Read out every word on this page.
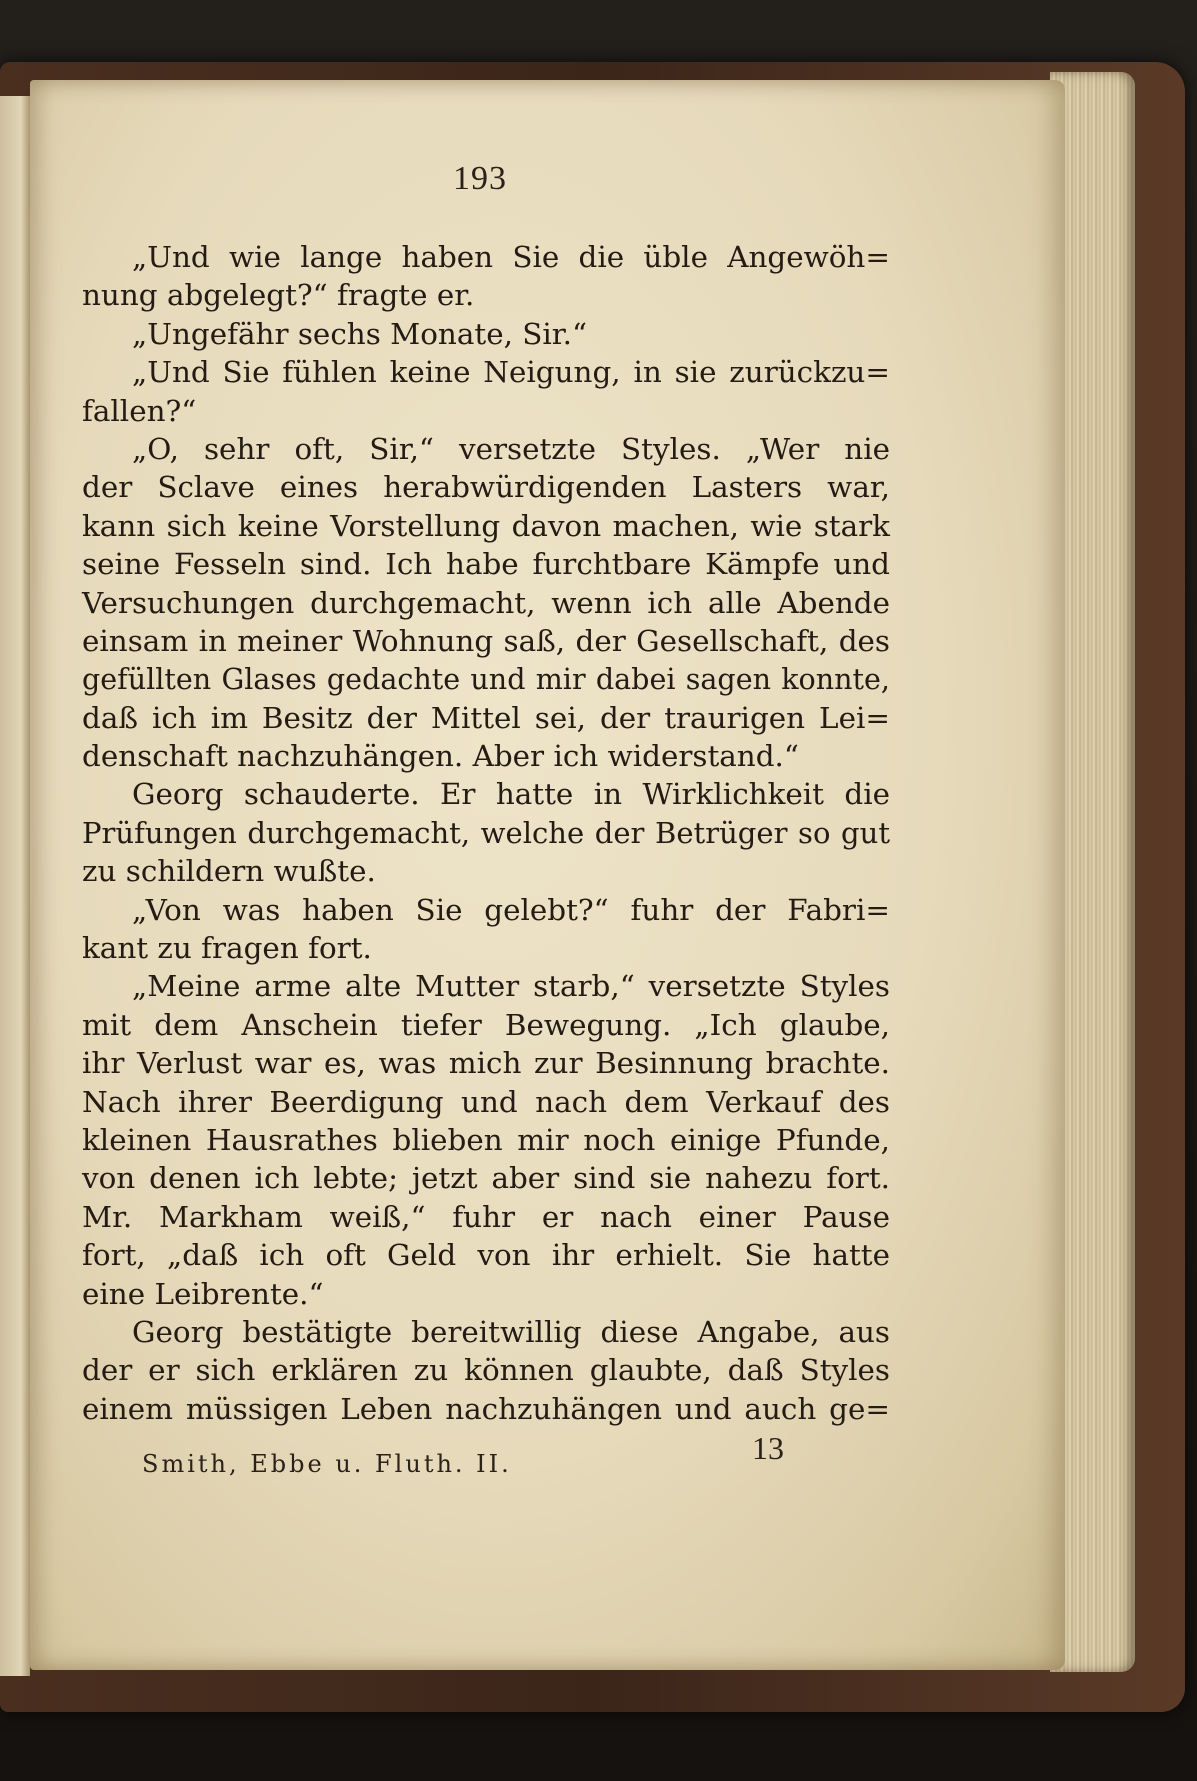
193
„Und wie lange haben Sie die üble Angewöh=
nung abgelegt?“ fragte er.
„Ungefähr sechs Monate, Sir.“
„Und Sie fühlen keine Neigung, in sie zurückzu=
fallen?“
„O, sehr oft, Sir,“ versetzte Styles. „Wer nie
der Sclave eines herabwürdigenden Lasters war,
kann sich keine Vorstellung davon machen, wie stark
seine Fesseln sind. Ich habe furchtbare Kämpfe und
Versuchungen durchgemacht, wenn ich alle Abende
einsam in meiner Wohnung saß, der Gesellschaft, des
gefüllten Glases gedachte und mir dabei sagen konnte,
daß ich im Besitz der Mittel sei, der traurigen Lei=
denschaft nachzuhängen. Aber ich widerstand.“
Georg schauderte. Er hatte in Wirklichkeit die
Prüfungen durchgemacht, welche der Betrüger so gut
zu schildern wußte.
„Von was haben Sie gelebt?“ fuhr der Fabri=
kant zu fragen fort.
„Meine arme alte Mutter starb,“ versetzte Styles
mit dem Anschein tiefer Bewegung. „Ich glaube,
ihr Verlust war es, was mich zur Besinnung brachte.
Nach ihrer Beerdigung und nach dem Verkauf des
kleinen Hausrathes blieben mir noch einige Pfunde,
von denen ich lebte; jetzt aber sind sie nahezu fort.
Mr. Markham weiß,“ fuhr er nach einer Pause
fort, „daß ich oft Geld von ihr erhielt. Sie hatte
eine Leibrente.“
Georg bestätigte bereitwillig diese Angabe, aus
der er sich erklären zu können glaubte, daß Styles
einem müssigen Leben nachzuhängen und auch ge=
Smith, Ebbe u. Fluth. II.	13
